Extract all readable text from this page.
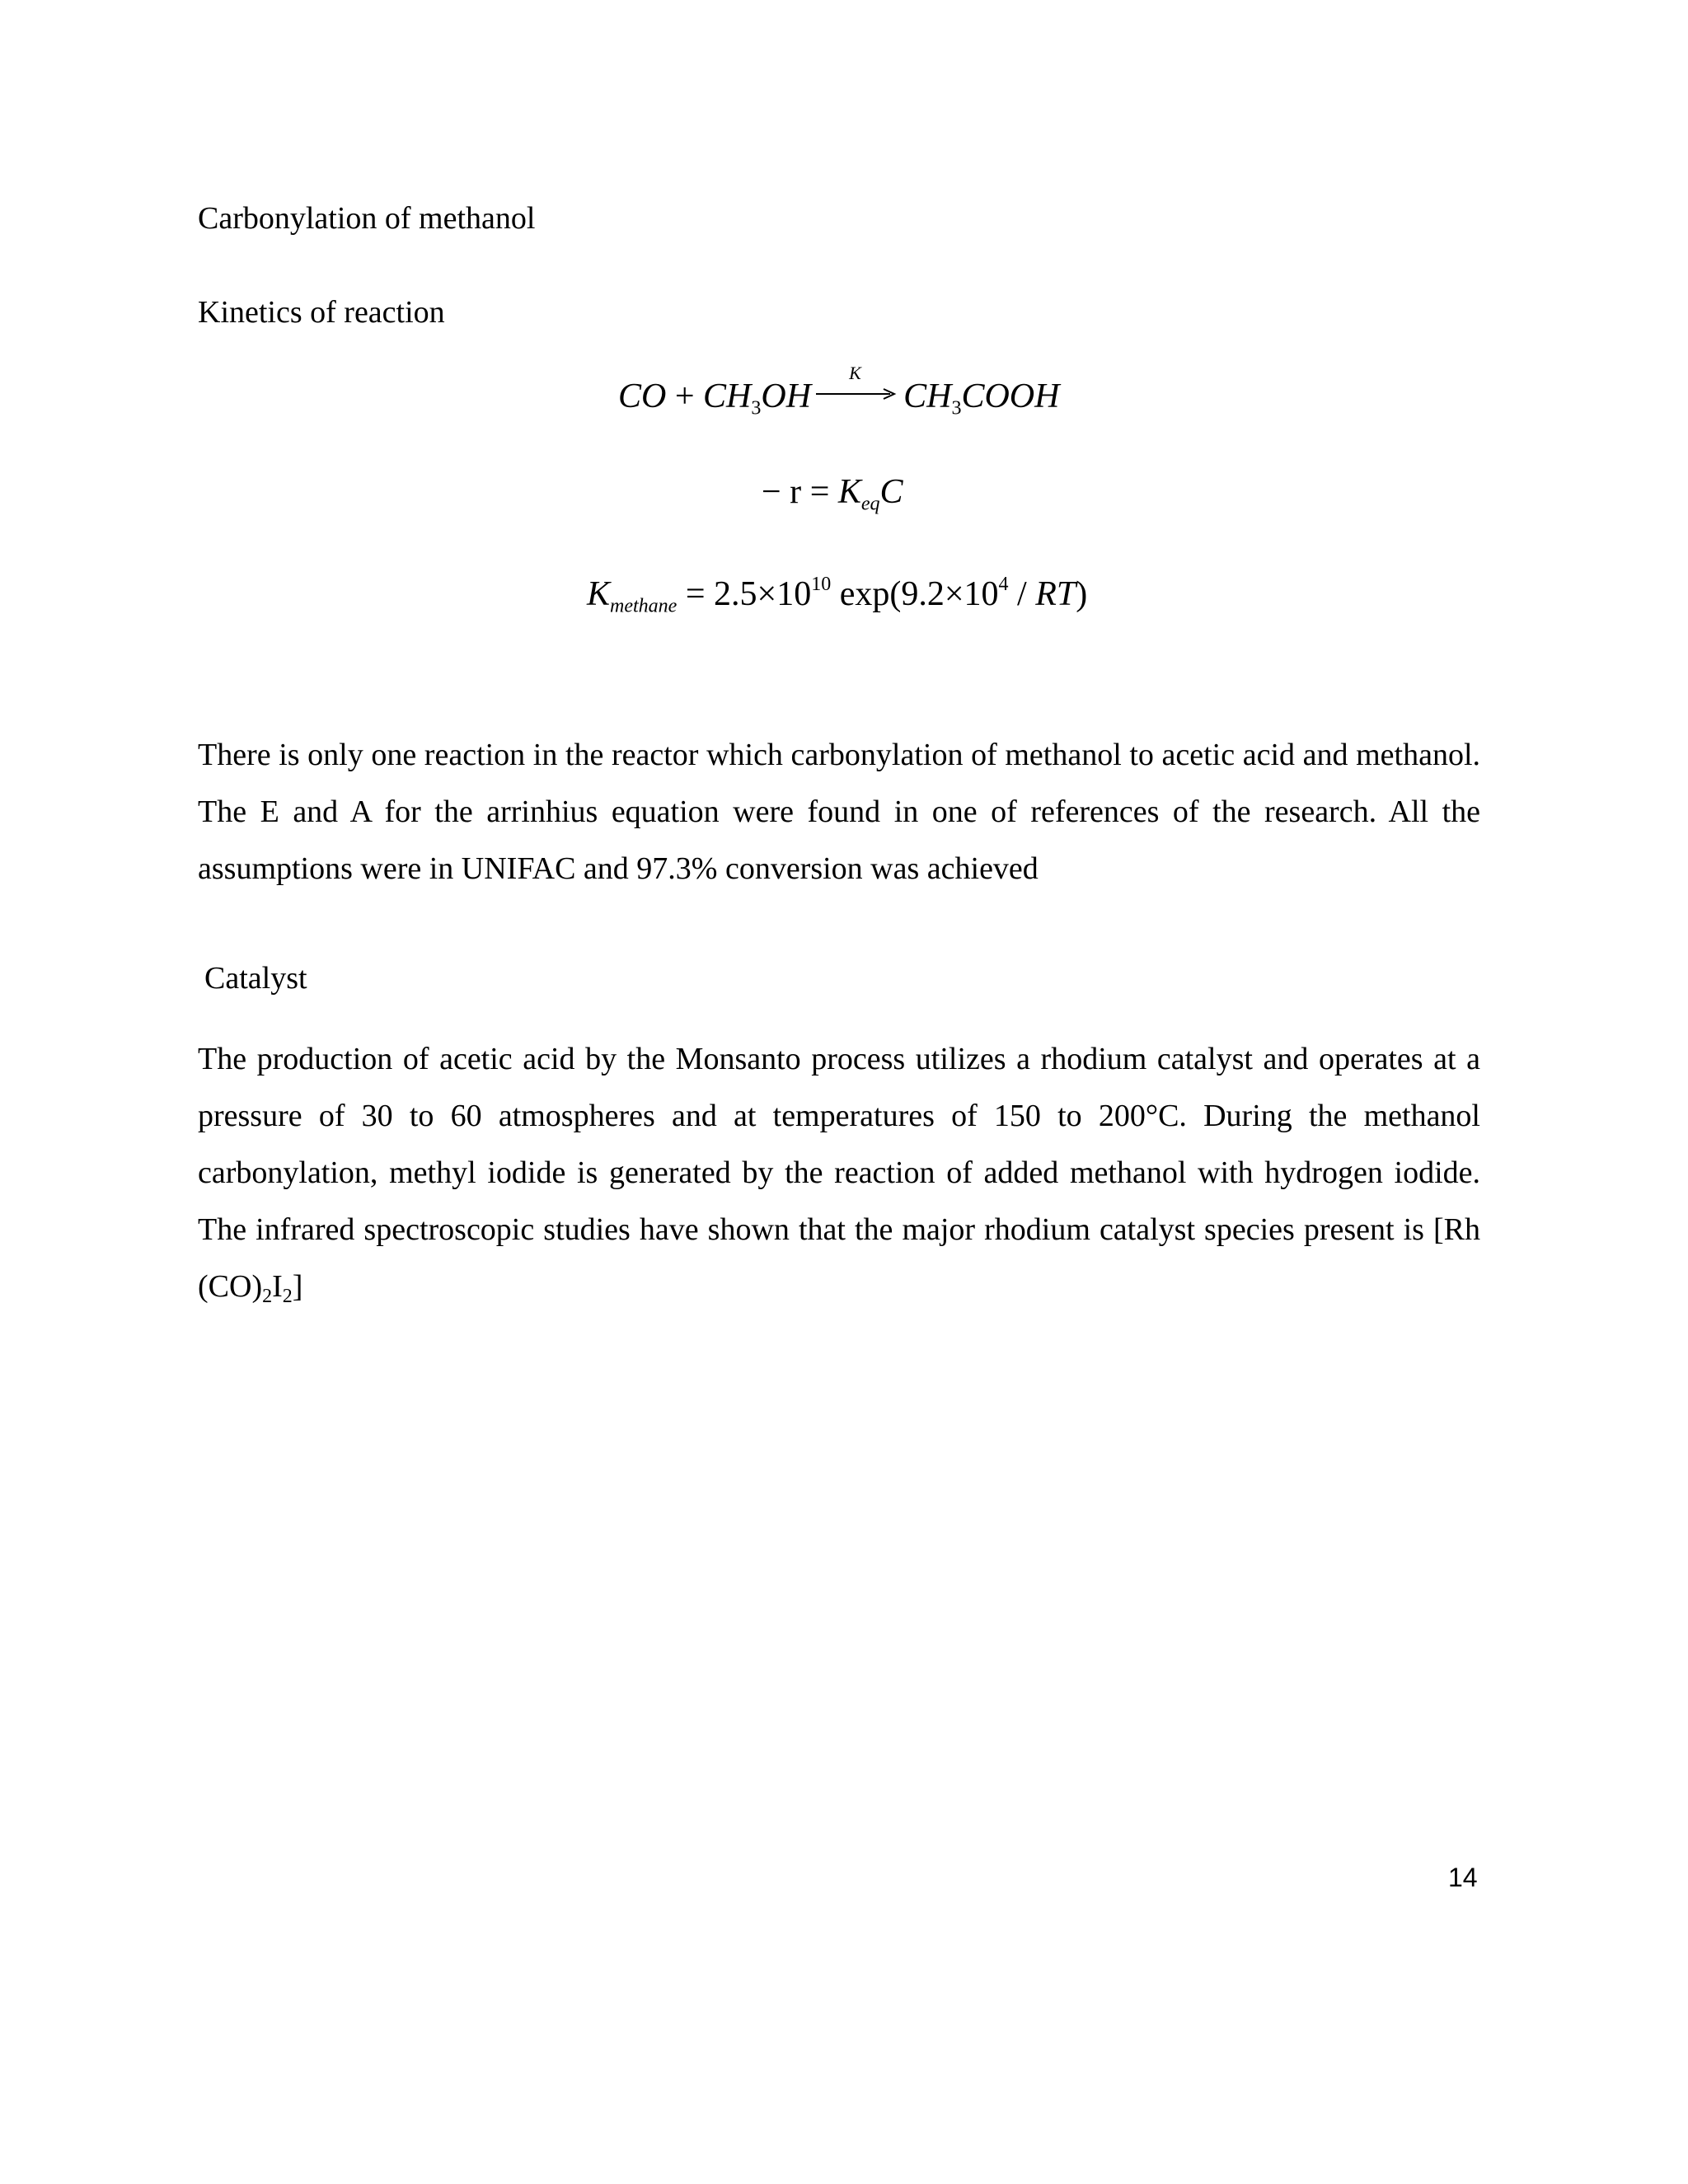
Carbonylation of methanol
Kinetics of reaction
CO + $CH_3OH$
K
$CH_3COOH$
− $r = K_{eq}C$
$K_{methane} = 2.5\times 10^{10}$ $\exp(9.2\times 10^4 / RT)$

There is only one reaction in the reactor which carbonylation of methanol to acetic acid and methanol. The E and A for the arrinhius equation were found in one of references of the research. All the assumptions were in UNIFAC and 97.3% conversion was achieved

Catalyst

The production of acetic acid by the Monsanto process utilizes a rhodium catalyst and operates at a pressure of 30 to 60 atmospheres and at temperatures of 150 to 200°C. During the methanol carbonylation, methyl iodide is generated by the reaction of added methanol with hydrogen iodide. The infrared spectroscopic studies have shown that the major rhodium catalyst species present is [Rh $(CO)_2I_2$]

14
